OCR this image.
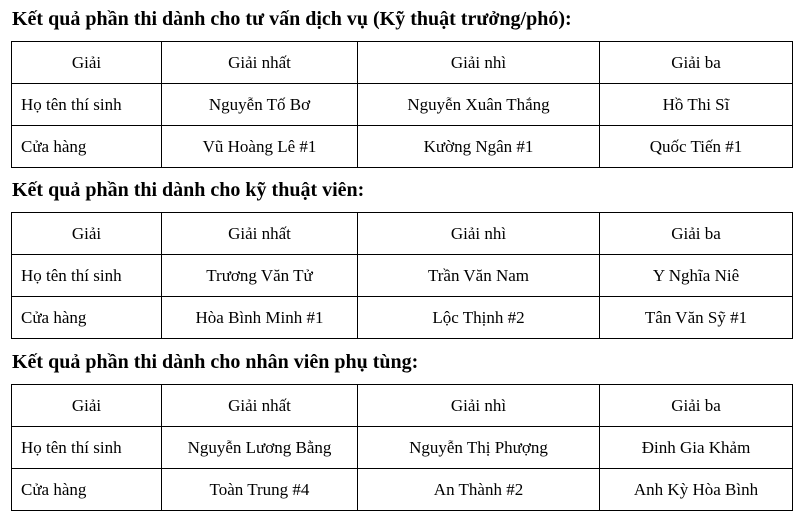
Kết quả phần thi dành cho tư vấn dịch vụ (Kỹ thuật trưởng/phó):
Giải	Giải nhất	Giải nhì	Giải ba
Họ tên thí sinh	Nguyễn Tố Bơ	Nguyễn Xuân Thắng	Hồ Thi Sĩ
Cửa hàng	Vũ Hoàng Lê #1	Kường Ngân #1	Quốc Tiến #1
Kết quả phần thi dành cho kỹ thuật viên:
Giải	Giải nhất	Giải nhì	Giải ba
Họ tên thí sinh	Trương Văn Tử	Trần Văn Nam	Y Nghĩa Niê
Cửa hàng	Hòa Bình Minh #1	Lộc Thịnh #2	Tân Văn Sỹ #1
Kết quả phần thi dành cho nhân viên phụ tùng:
Giải	Giải nhất	Giải nhì	Giải ba
Họ tên thí sinh	Nguyễn Lương Bằng	Nguyễn Thị Phượng	Đinh Gia Khảm
Cửa hàng	Toàn Trung #4	An Thành #2	Anh Kỳ Hòa Bình
